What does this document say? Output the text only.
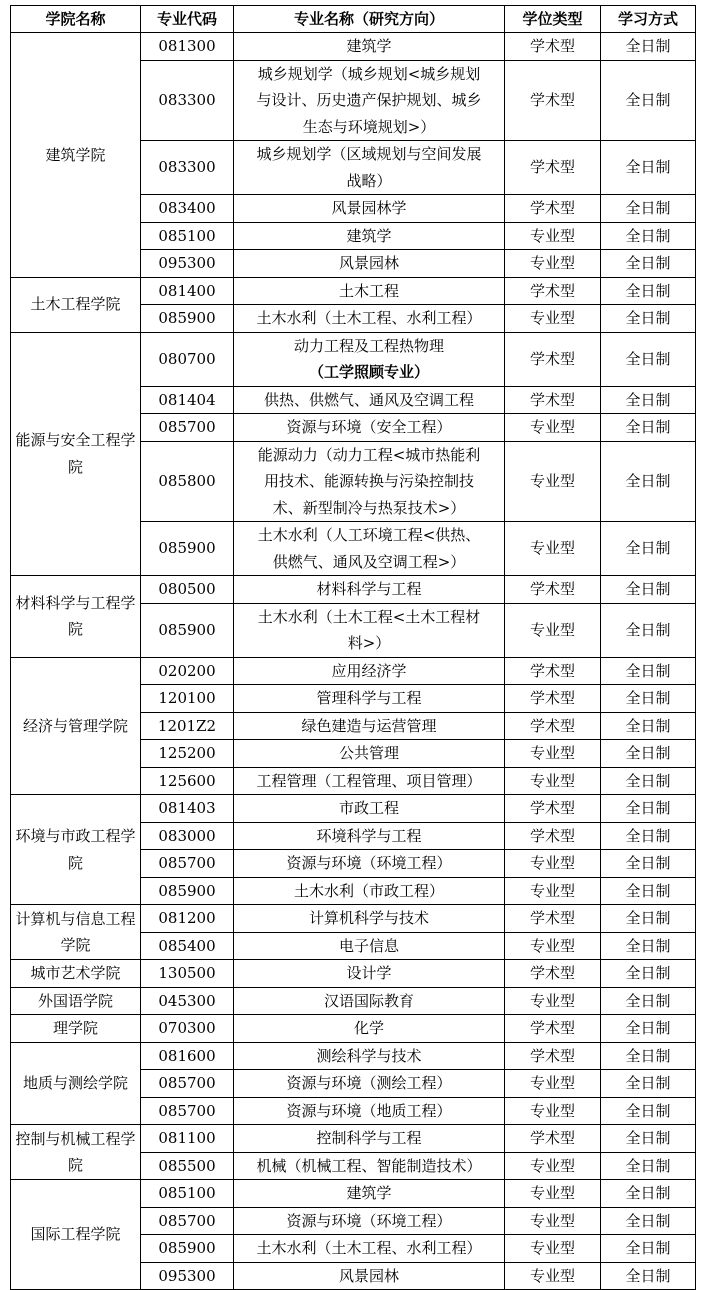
学院名称	专业代码	专业名称（研究方向）	学位类型	学习方式
建筑学院	081300	建筑学	学术型	全日制
	083300	城乡规划学（城乡规划<城乡规划
与设计、历史遗产保护规划、城乡
生态与环境规划>）	学术型	全日制
	083300	城乡规划学（区域规划与空间发展
战略）	学术型	全日制
	083400	风景园林学	学术型	全日制
	085100	建筑学	专业型	全日制
	095300	风景园林	专业型	全日制
土木工程学院	081400	土木工程	学术型	全日制
	085900	土木水利（土木工程、水利工程）	专业型	全日制
能源与安全工程学院	080700	动力工程及工程热物理
（工学照顾专业）	学术型	全日制
	081404	供热、供燃气、通风及空调工程	学术型	全日制
	085700	资源与环境（安全工程）	专业型	全日制
	085800	能源动力（动力工程<城市热能利
用技术、能源转换与污染控制技
术、新型制冷与热泵技术>）	专业型	全日制
	085900	土木水利（人工环境工程<供热、
供燃气、通风及空调工程>）	专业型	全日制
材料科学与工程学院	080500	材料科学与工程	学术型	全日制
	085900	土木水利（土木工程<土木工程材
料>）	专业型	全日制
经济与管理学院	020200	应用经济学	学术型	全日制
	120100	管理科学与工程	学术型	全日制
	1201Z2	绿色建造与运营管理	学术型	全日制
	125200	公共管理	专业型	全日制
	125600	工程管理（工程管理、项目管理）	专业型	全日制
环境与市政工程学院	081403	市政工程	学术型	全日制
	083000	环境科学与工程	学术型	全日制
	085700	资源与环境（环境工程）	专业型	全日制
	085900	土木水利（市政工程）	专业型	全日制
计算机与信息工程学院	081200	计算机科学与技术	学术型	全日制
	085400	电子信息	专业型	全日制
城市艺术学院	130500	设计学	学术型	全日制
外国语学院	045300	汉语国际教育	专业型	全日制
理学院	070300	化学	学术型	全日制
地质与测绘学院	081600	测绘科学与技术	学术型	全日制
	085700	资源与环境（测绘工程）	专业型	全日制
	085700	资源与环境（地质工程）	专业型	全日制
控制与机械工程学院	081100	控制科学与工程	学术型	全日制
	085500	机械（机械工程、智能制造技术）	专业型	全日制
国际工程学院	085100	建筑学	专业型	全日制
	085700	资源与环境（环境工程）	专业型	全日制
	085900	土木水利（土木工程、水利工程）	专业型	全日制
	095300	风景园林	专业型	全日制
